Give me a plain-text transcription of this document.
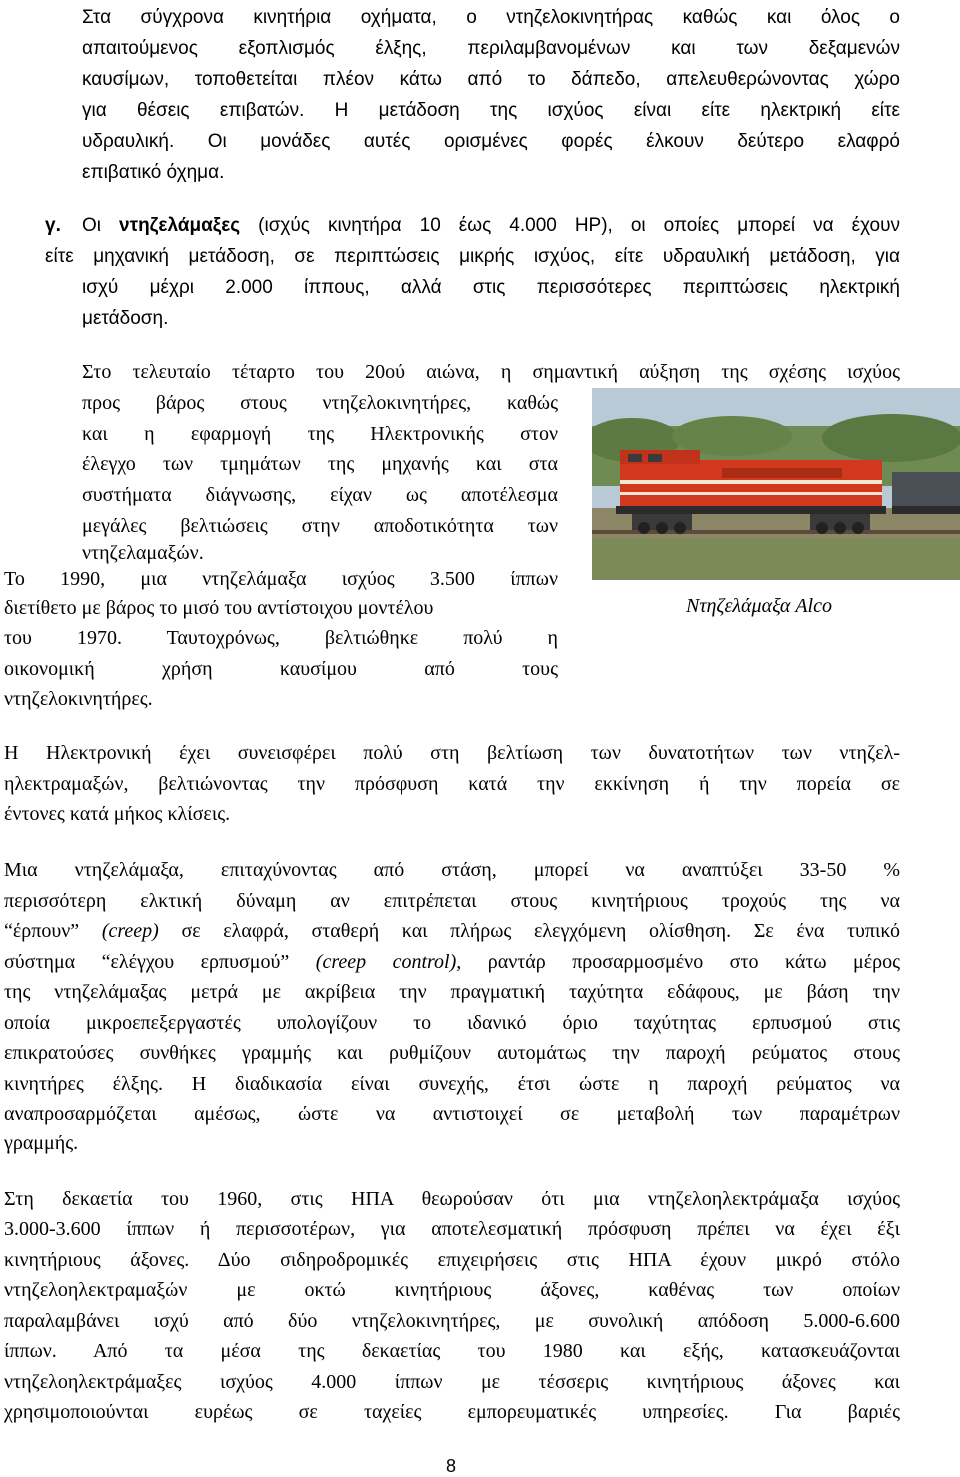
Στα σύγχρονα κινητήρια οχήματα, ο ντηζελοκινητήρας καθώς και όλος ο
απαιτούμενος εξοπλισμός έλξης, περιλαμβανομένων και των δεξαμενών
καυσίμων, τοποθετείται πλέον κάτω από το δάπεδο, απελευθερώνοντας χώρο
για θέσεις επιβατών. Η μετάδοση της ισχύος είναι είτε ηλεκτρική είτε
υδραυλική. Οι μονάδες αυτές ορισμένες φορές έλκουν δεύτερο ελαφρό
επιβατικό όχημα.
γ. Οι ντηζελάμαξες (ισχύς κινητήρα 10 έως 4.000 HP), οι οποίες μπορεί να έχουν
είτε μηχανική μετάδοση, σε περιπτώσεις μικρής ισχύος, είτε υδραυλική μετάδοση, για
ισχύ μέχρι 2.000 ίππους, αλλά στις περισσότερες περιπτώσεις ηλεκτρική
μετάδοση.
Στο τελευταίο τέταρτο του 20ού αιώνα, η σημαντική αύξηση της σχέσης ισχύος
προς βάρος στους ντηζελοκινητήρες, καθώς
και η εφαρμογή της Ηλεκτρονικής στον
έλεγχο των τμημάτων της μηχανής και στα
συστήματα διάγνωσης, είχαν ως αποτέλεσμα
μεγάλες βελτιώσεις στην αποδοτικότητα των
ντηζελαμαξών.
Το 1990, μια ντηζελάμαξα ισχύος 3.500 ίππων
διετίθετο με βάρος το μισό του αντίστοιχου μοντέλου
του 1970. Ταυτοχρόνως, βελτιώθηκε πολύ η
οικονομική χρήση καυσίμου από τους
ντηζελοκινητήρες.
Ντηζελάμαξα Alco
Η Ηλεκτρονική έχει συνεισφέρει πολύ στη βελτίωση των δυνατοτήτων των ντηζελ-
ηλεκτραμαξών, βελτιώνοντας την πρόσφυση κατά την εκκίνηση ή την πορεία σε
έντονες κατά μήκος κλίσεις.
Μια ντηζελάμαξα, επιταχύνοντας από στάση, μπορεί να αναπτύξει 33-50 %
περισσότερη ελκτική δύναμη αν επιτρέπεται στους κινητήριους τροχούς της να
“έρπουν” (creep) σε ελαφρά, σταθερή και πλήρως ελεγχόμενη ολίσθηση. Σε ένα τυπικό
σύστημα “ελέγχου ερπυσμού” (creep control), ραντάρ προσαρμοσμένο στο κάτω μέρος
της ντηζελάμαξας μετρά με ακρίβεια την πραγματική ταχύτητα εδάφους, με βάση την
οποία μικροεπεξεργαστές υπολογίζουν το ιδανικό όριο ταχύτητας ερπυσμού στις
επικρατούσες συνθήκες γραμμής και ρυθμίζουν αυτομάτως την παροχή ρεύματος στους
κινητήρες έλξης. Η διαδικασία είναι συνεχής, έτσι ώστε η παροχή ρεύματος να
αναπροσαρμόζεται αμέσως, ώστε να αντιστοιχεί σε μεταβολή των παραμέτρων
γραμμής.
Στη δεκαετία του 1960, στις ΗΠΑ θεωρούσαν ότι μια ντηζελοηλεκτράμαξα ισχύος
3.000-3.600 ίππων ή περισσοτέρων, για αποτελεσματική πρόσφυση πρέπει να έχει έξι
κινητήριους άξονες. Δύο σιδηροδρομικές επιχειρήσεις στις ΗΠΑ έχουν μικρό στόλο
ντηζελοηλεκτραμαξών με οκτώ κινητήριους άξονες, καθένας των οποίων
παραλαμβάνει ισχύ από δύο ντηζελοκινητήρες, με συνολική απόδοση 5.000-6.600
ίππων. Από τα μέσα της δεκαετίας του 1980 και εξής, κατασκευάζονται
ντηζελοηλεκτράμαξες ισχύος 4.000 ίππων με τέσσερις κινητήριους άξονες και
χρησιμοποιούνται ευρέως σε ταχείες εμπορευματικές υπηρεσίες. Για βαριές
8
